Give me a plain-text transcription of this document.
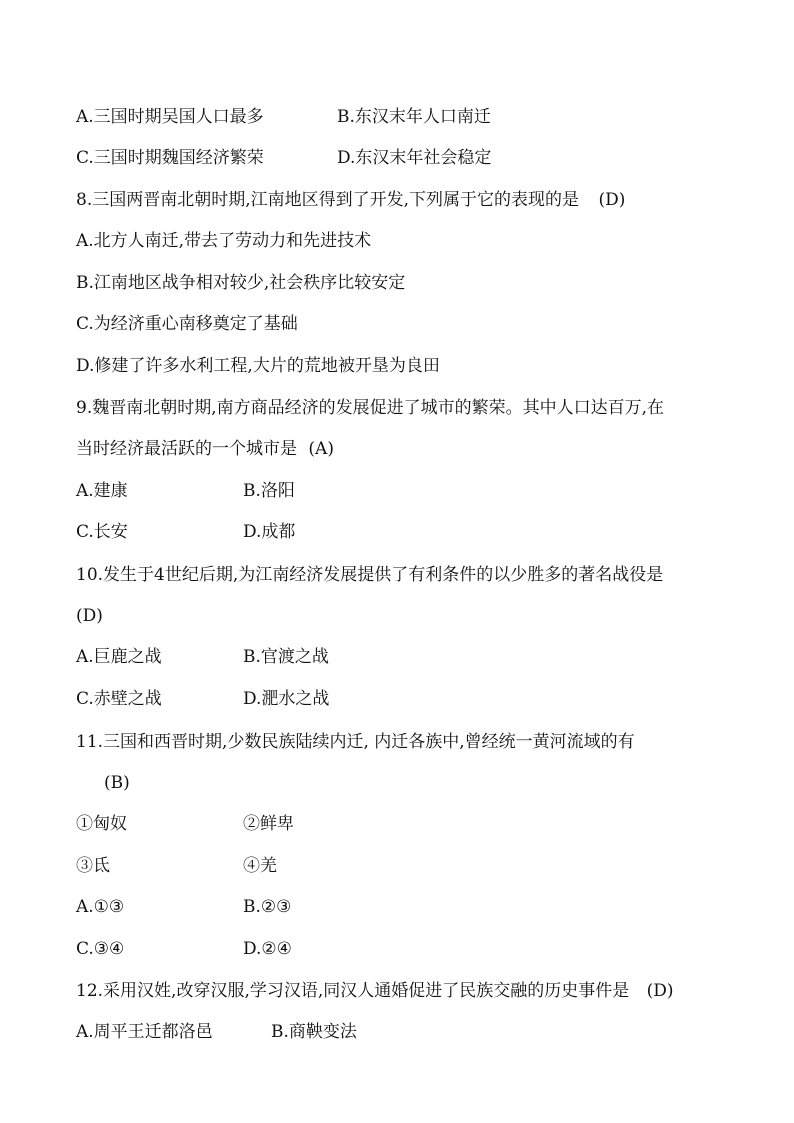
A.三国时期吴国人口最多	B.东汉末年人口南迁
C.三国时期魏国经济繁荣	D.东汉末年社会稳定
8.三国两晋南北朝时期,江南地区得到了开发,下列属于它的表现的是 (D)
A.北方人南迁,带去了劳动力和先进技术
B.江南地区战争相对较少,社会秩序比较安定
C.为经济重心南移奠定了基础
D.修建了许多水利工程,大片的荒地被开垦为良田
9.魏晋南北朝时期,南方商品经济的发展促进了城市的繁荣。其中人口达百万,在
当时经济最活跃的一个城市是 (A)
A.建康	B.洛阳
C.长安	D.成都
10.发生于4世纪后期,为江南经济发展提供了有利条件的以少胜多的著名战役是
(D)
A.巨鹿之战	B.官渡之战
C.赤壁之战	D.淝水之战
11.三国和西晋时期,少数民族陆续内迁, 内迁各族中,曾经统一黄河流域的有
(B)
①匈奴	②鲜卑
③氐	④羌
A.①③	B.②③
C.③④	D.②④
12.采用汉姓,改穿汉服,学习汉语,同汉人通婚促进了民族交融的历史事件是 (D)
A.周平王迁都洛邑	B.商鞅变法
